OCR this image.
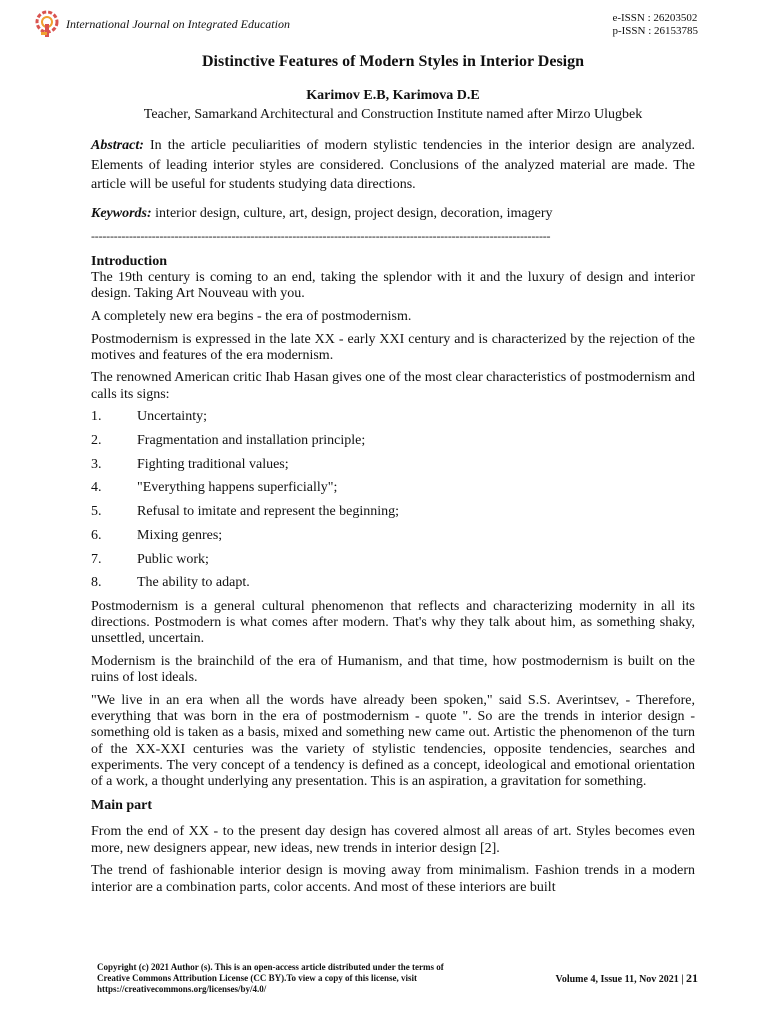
International Journal on Integrated Education	e-ISSN : 26203502
p-ISSN : 26153785
Distinctive Features of Modern Styles in Interior Design
Karimov E.B, Karimova D.E
Teacher, Samarkand Architectural and Construction Institute named after Mirzo Ulugbek

Abstract: In the article peculiarities of modern stylistic tendencies in the interior design are analyzed. Elements of leading interior styles are considered. Conclusions of the analyzed material are made. The article will be useful for students studying data directions.

Keywords: interior design, culture, art, design, project design, decoration, imagery

-------------------------------------------------------------------------------------------------------------------------
Introduction

The 19th century is coming to an end, taking the splendor with it and the luxury of design and interior design. Taking Art Nouveau with you.

A completely new era begins - the era of postmodernism.

Postmodernism is expressed in the late XX - early XXI century and is characterized by the rejection of the motives and features of the era modernism.

The renowned American critic Ihab Hasan gives one of the most clear characteristics of postmodernism and calls its signs:

1.	Uncertainty;
2.	Fragmentation and installation principle;
3.	Fighting traditional values;
4.	"Everything happens superficially";
5.	Refusal to imitate and represent the beginning;
6.	Mixing genres;
7.	Public work;
8.	The ability to adapt.

Postmodernism is a general cultural phenomenon that reflects and characterizing modernity in all its directions. Postmodern is what comes after modern. That's why they talk about him, as something shaky, unsettled, uncertain.

Modernism is the brainchild of the era of Humanism, and that time, how postmodernism is built on the ruins of lost ideals.

"We live in an era when all the words have already been spoken," said S.S. Averintsev, - Therefore, everything that was born in the era of postmodernism - quote ". So are the trends in interior design - something old is taken as a basis, mixed and something new came out. Artistic the phenomenon of the turn of the XX-XXI centuries was the variety of stylistic tendencies, opposite tendencies, searches and experiments. The very concept of a tendency is defined as a concept, ideological and emotional orientation of a work, a thought underlying any presentation. This is an aspiration, a gravitation for something.

Main part

From the end of XX - to the present day design has covered almost all areas of art. Styles becomes even more, new designers appear, new ideas, new trends in interior design [2].

The trend of fashionable interior design is moving away from minimalism. Fashion trends in a modern interior are a combination parts, color accents. And most of these interiors are built

Copyright (c) 2021 Author (s). This is an open-access article distributed under the terms of Creative Commons Attribution License (CC BY).To view a copy of this license, visit https://creativecommons.org/licenses/by/4.0/
Volume 4, Issue 11, Nov 2021 | 21
